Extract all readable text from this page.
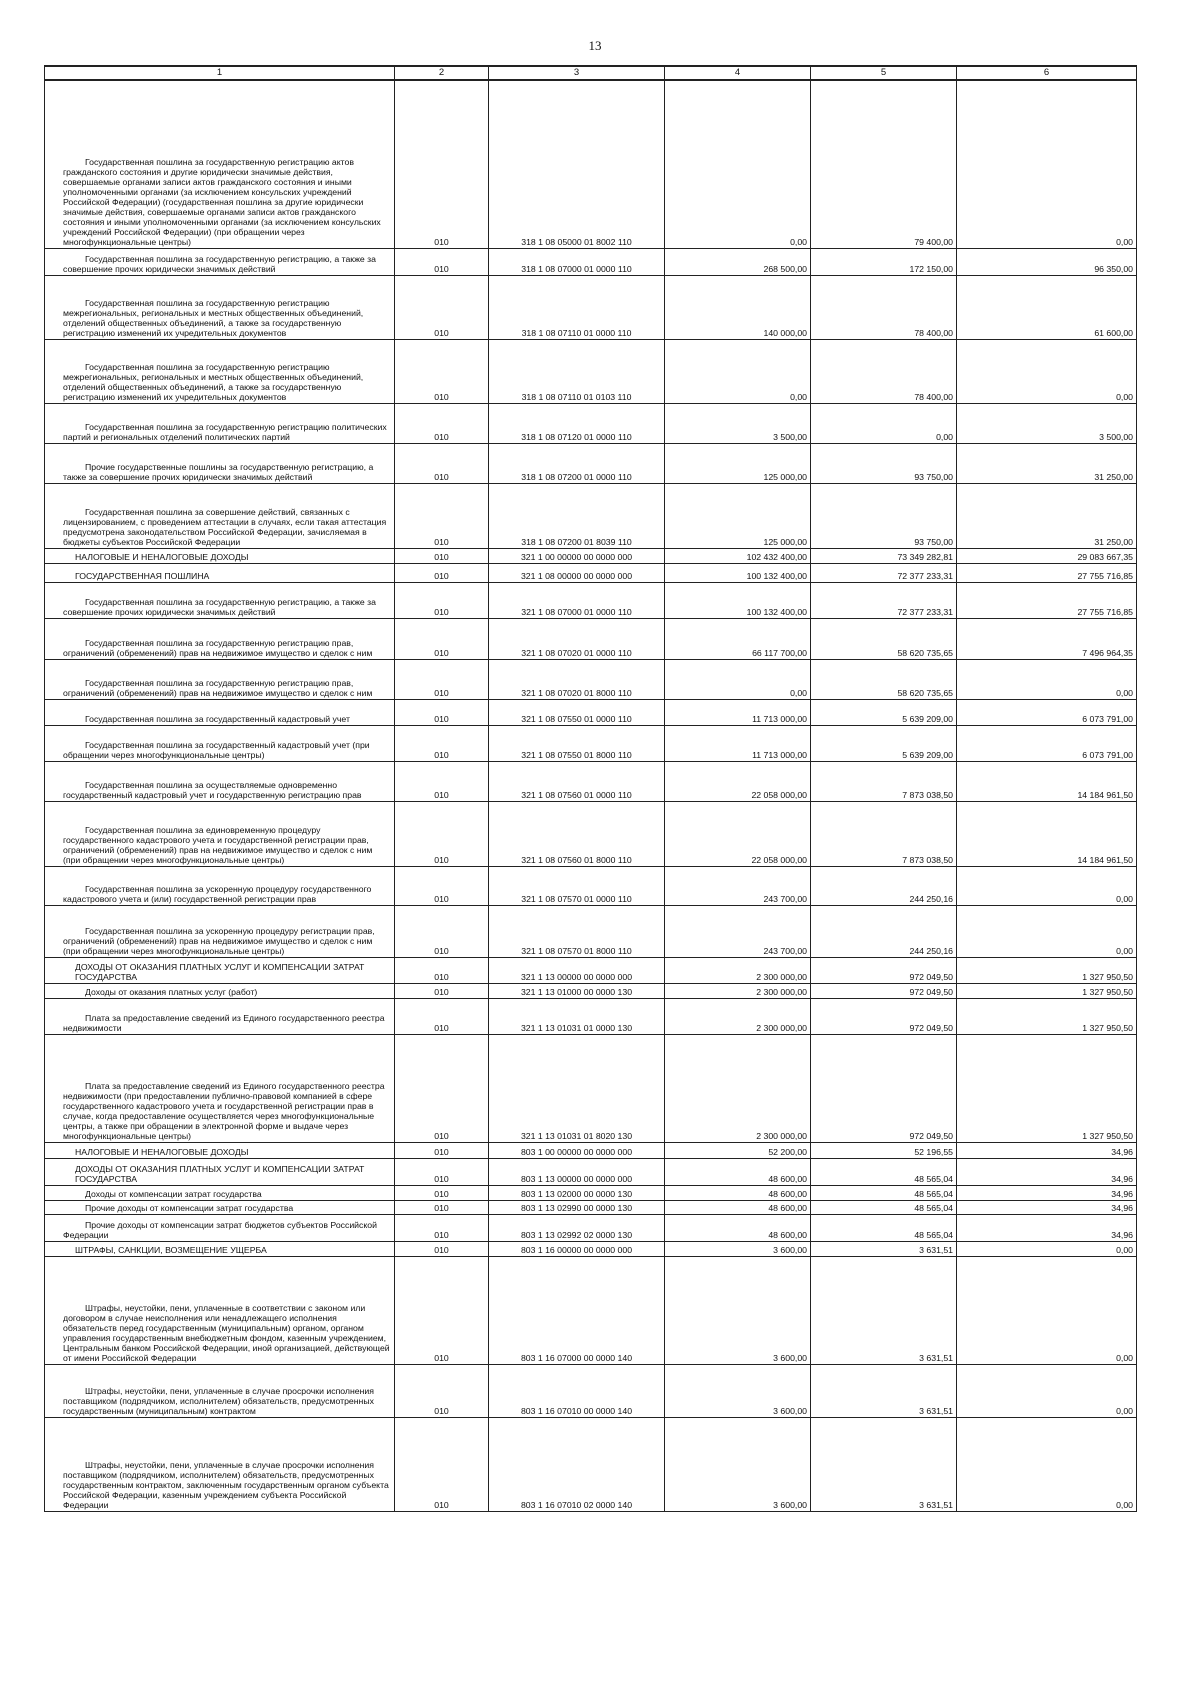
13
1	2	3	4	5	6
Государственная пошлина за государственную регистрацию актов гражданского состояния и другие юридически значимые действия, совершаемые органами записи актов гражданского состояния и иными уполномоченными органами (за исключением консульских учреждений Российской Федерации) (государственная пошлина за другие юридически значимые действия, совершаемые органами записи актов гражданского состояния и иными уполномоченными органами (за исключением консульских учреждений Российской Федерации) (при обращении через многофункциональные центры)	010	318 1 08 05000 01 8002 110	0,00	79 400,00	0,00
Государственная пошлина за государственную регистрацию, а также за совершение прочих юридически значимых действий	010	318 1 08 07000 01 0000 110	268 500,00	172 150,00	96 350,00
Государственная пошлина за государственную регистрацию межрегиональных, региональных и местных общественных объединений, отделений общественных объединений, а также за государственную регистрацию изменений их учредительных документов	010	318 1 08 07110 01 0000 110	140 000,00	78 400,00	61 600,00
Государственная пошлина за государственную регистрацию межрегиональных, региональных и местных общественных объединений, отделений общественных объединений, а также за государственную регистрацию изменений их учредительных документов	010	318 1 08 07110 01 0103 110	0,00	78 400,00	0,00
Государственная пошлина за государственную регистрацию политических партий и региональных отделений политических партий	010	318 1 08 07120 01 0000 110	3 500,00	0,00	3 500,00
Прочие государственные пошлины за государственную регистрацию, а также за совершение прочих юридически значимых действий	010	318 1 08 07200 01 0000 110	125 000,00	93 750,00	31 250,00
Государственная пошлина за совершение действий, связанных с лицензированием, с проведением аттестации в случаях, если такая аттестация предусмотрена законодательством Российской Федерации, зачисляемая в бюджеты субъектов Российской Федерации	010	318 1 08 07200 01 8039 110	125 000,00	93 750,00	31 250,00
НАЛОГОВЫЕ И НЕНАЛОГОВЫЕ ДОХОДЫ	010	321 1 00 00000 00 0000 000	102 432 400,00	73 349 282,81	29 083 667,35
ГОСУДАРСТВЕННАЯ ПОШЛИНА	010	321 1 08 00000 00 0000 000	100 132 400,00	72 377 233,31	27 755 716,85
Государственная пошлина за государственную регистрацию, а также за совершение прочих юридически значимых действий	010	321 1 08 07000 01 0000 110	100 132 400,00	72 377 233,31	27 755 716,85
Государственная пошлина за государственную регистрацию прав, ограничений (обременений) прав на недвижимое имущество и сделок с ним	010	321 1 08 07020 01 0000 110	66 117 700,00	58 620 735,65	7 496 964,35
Государственная пошлина за государственную регистрацию прав, ограничений (обременений) прав на недвижимое имущество и сделок с ним	010	321 1 08 07020 01 8000 110	0,00	58 620 735,65	0,00
Государственная пошлина за государственный кадастровый учет	010	321 1 08 07550 01 0000 110	11 713 000,00	5 639 209,00	6 073 791,00
Государственная пошлина за государственный кадастровый учет (при обращении через многофункциональные центры)	010	321 1 08 07550 01 8000 110	11 713 000,00	5 639 209,00	6 073 791,00
Государственная пошлина за осуществляемые одновременно государственный кадастровый учет и государственную регистрацию прав	010	321 1 08 07560 01 0000 110	22 058 000,00	7 873 038,50	14 184 961,50
Государственная пошлина за единовременную процедуру государственного кадастрового учета и государственной регистрации прав, ограничений (обременений) прав на недвижимое имущество и сделок с ним (при обращении через многофункциональные центры)	010	321 1 08 07560 01 8000 110	22 058 000,00	7 873 038,50	14 184 961,50
Государственная пошлина за ускоренную процедуру государственного кадастрового учета и (или) государственной регистрации прав	010	321 1 08 07570 01 0000 110	243 700,00	244 250,16	0,00
Государственная пошлина за ускоренную процедуру регистрации прав, ограничений (обременений) прав на недвижимое имущество и сделок с ним (при обращении через многофункциональные центры)	010	321 1 08 07570 01 8000 110	243 700,00	244 250,16	0,00
ДОХОДЫ ОТ ОКАЗАНИЯ ПЛАТНЫХ УСЛУГ И КОМПЕНСАЦИИ ЗАТРАТ ГОСУДАРСТВА	010	321 1 13 00000 00 0000 000	2 300 000,00	972 049,50	1 327 950,50
Доходы от оказания платных услуг (работ)	010	321 1 13 01000 00 0000 130	2 300 000,00	972 049,50	1 327 950,50
Плата за предоставление сведений из Единого государственного реестра недвижимости	010	321 1 13 01031 01 0000 130	2 300 000,00	972 049,50	1 327 950,50
Плата за предоставление сведений из Единого государственного реестра недвижимости (при предоставлении публично-правовой компанией в сфере государственного кадастрового учета и государственной регистрации прав в случае, когда предоставление осуществляется через многофункциональные центры, а также при обращении в электронной форме и выдаче через многофункциональные центры)	010	321 1 13 01031 01 8020 130	2 300 000,00	972 049,50	1 327 950,50
НАЛОГОВЫЕ И НЕНАЛОГОВЫЕ ДОХОДЫ	010	803 1 00 00000 00 0000 000	52 200,00	52 196,55	34,96
ДОХОДЫ ОТ ОКАЗАНИЯ ПЛАТНЫХ УСЛУГ И КОМПЕНСАЦИИ ЗАТРАТ ГОСУДАРСТВА	010	803 1 13 00000 00 0000 000	48 600,00	48 565,04	34,96
Доходы от компенсации затрат государства	010	803 1 13 02000 00 0000 130	48 600,00	48 565,04	34,96
Прочие доходы от компенсации затрат государства	010	803 1 13 02990 00 0000 130	48 600,00	48 565,04	34,96
Прочие доходы от компенсации затрат бюджетов субъектов Российской Федерации	010	803 1 13 02992 02 0000 130	48 600,00	48 565,04	34,96
ШТРАФЫ, САНКЦИИ, ВОЗМЕЩЕНИЕ УЩЕРБА	010	803 1 16 00000 00 0000 000	3 600,00	3 631,51	0,00
Штрафы, неустойки, пени, уплаченные в соответствии с законом или договором в случае неисполнения или ненадлежащего исполнения обязательств перед государственным (муниципальным) органом, органом управления государственным внебюджетным фондом, казенным учреждением, Центральным банком Российской Федерации, иной организацией, действующей от имени Российской Федерации	010	803 1 16 07000 00 0000 140	3 600,00	3 631,51	0,00
Штрафы, неустойки, пени, уплаченные в случае просрочки исполнения поставщиком (подрядчиком, исполнителем) обязательств, предусмотренных государственным (муниципальным) контрактом	010	803 1 16 07010 00 0000 140	3 600,00	3 631,51	0,00
Штрафы, неустойки, пени, уплаченные в случае просрочки исполнения поставщиком (подрядчиком, исполнителем) обязательств, предусмотренных государственным контрактом, заключенным государственным органом субъекта Российской Федерации, казенным учреждением субъекта Российской Федерации	010	803 1 16 07010 02 0000 140	3 600,00	3 631,51	0,00
